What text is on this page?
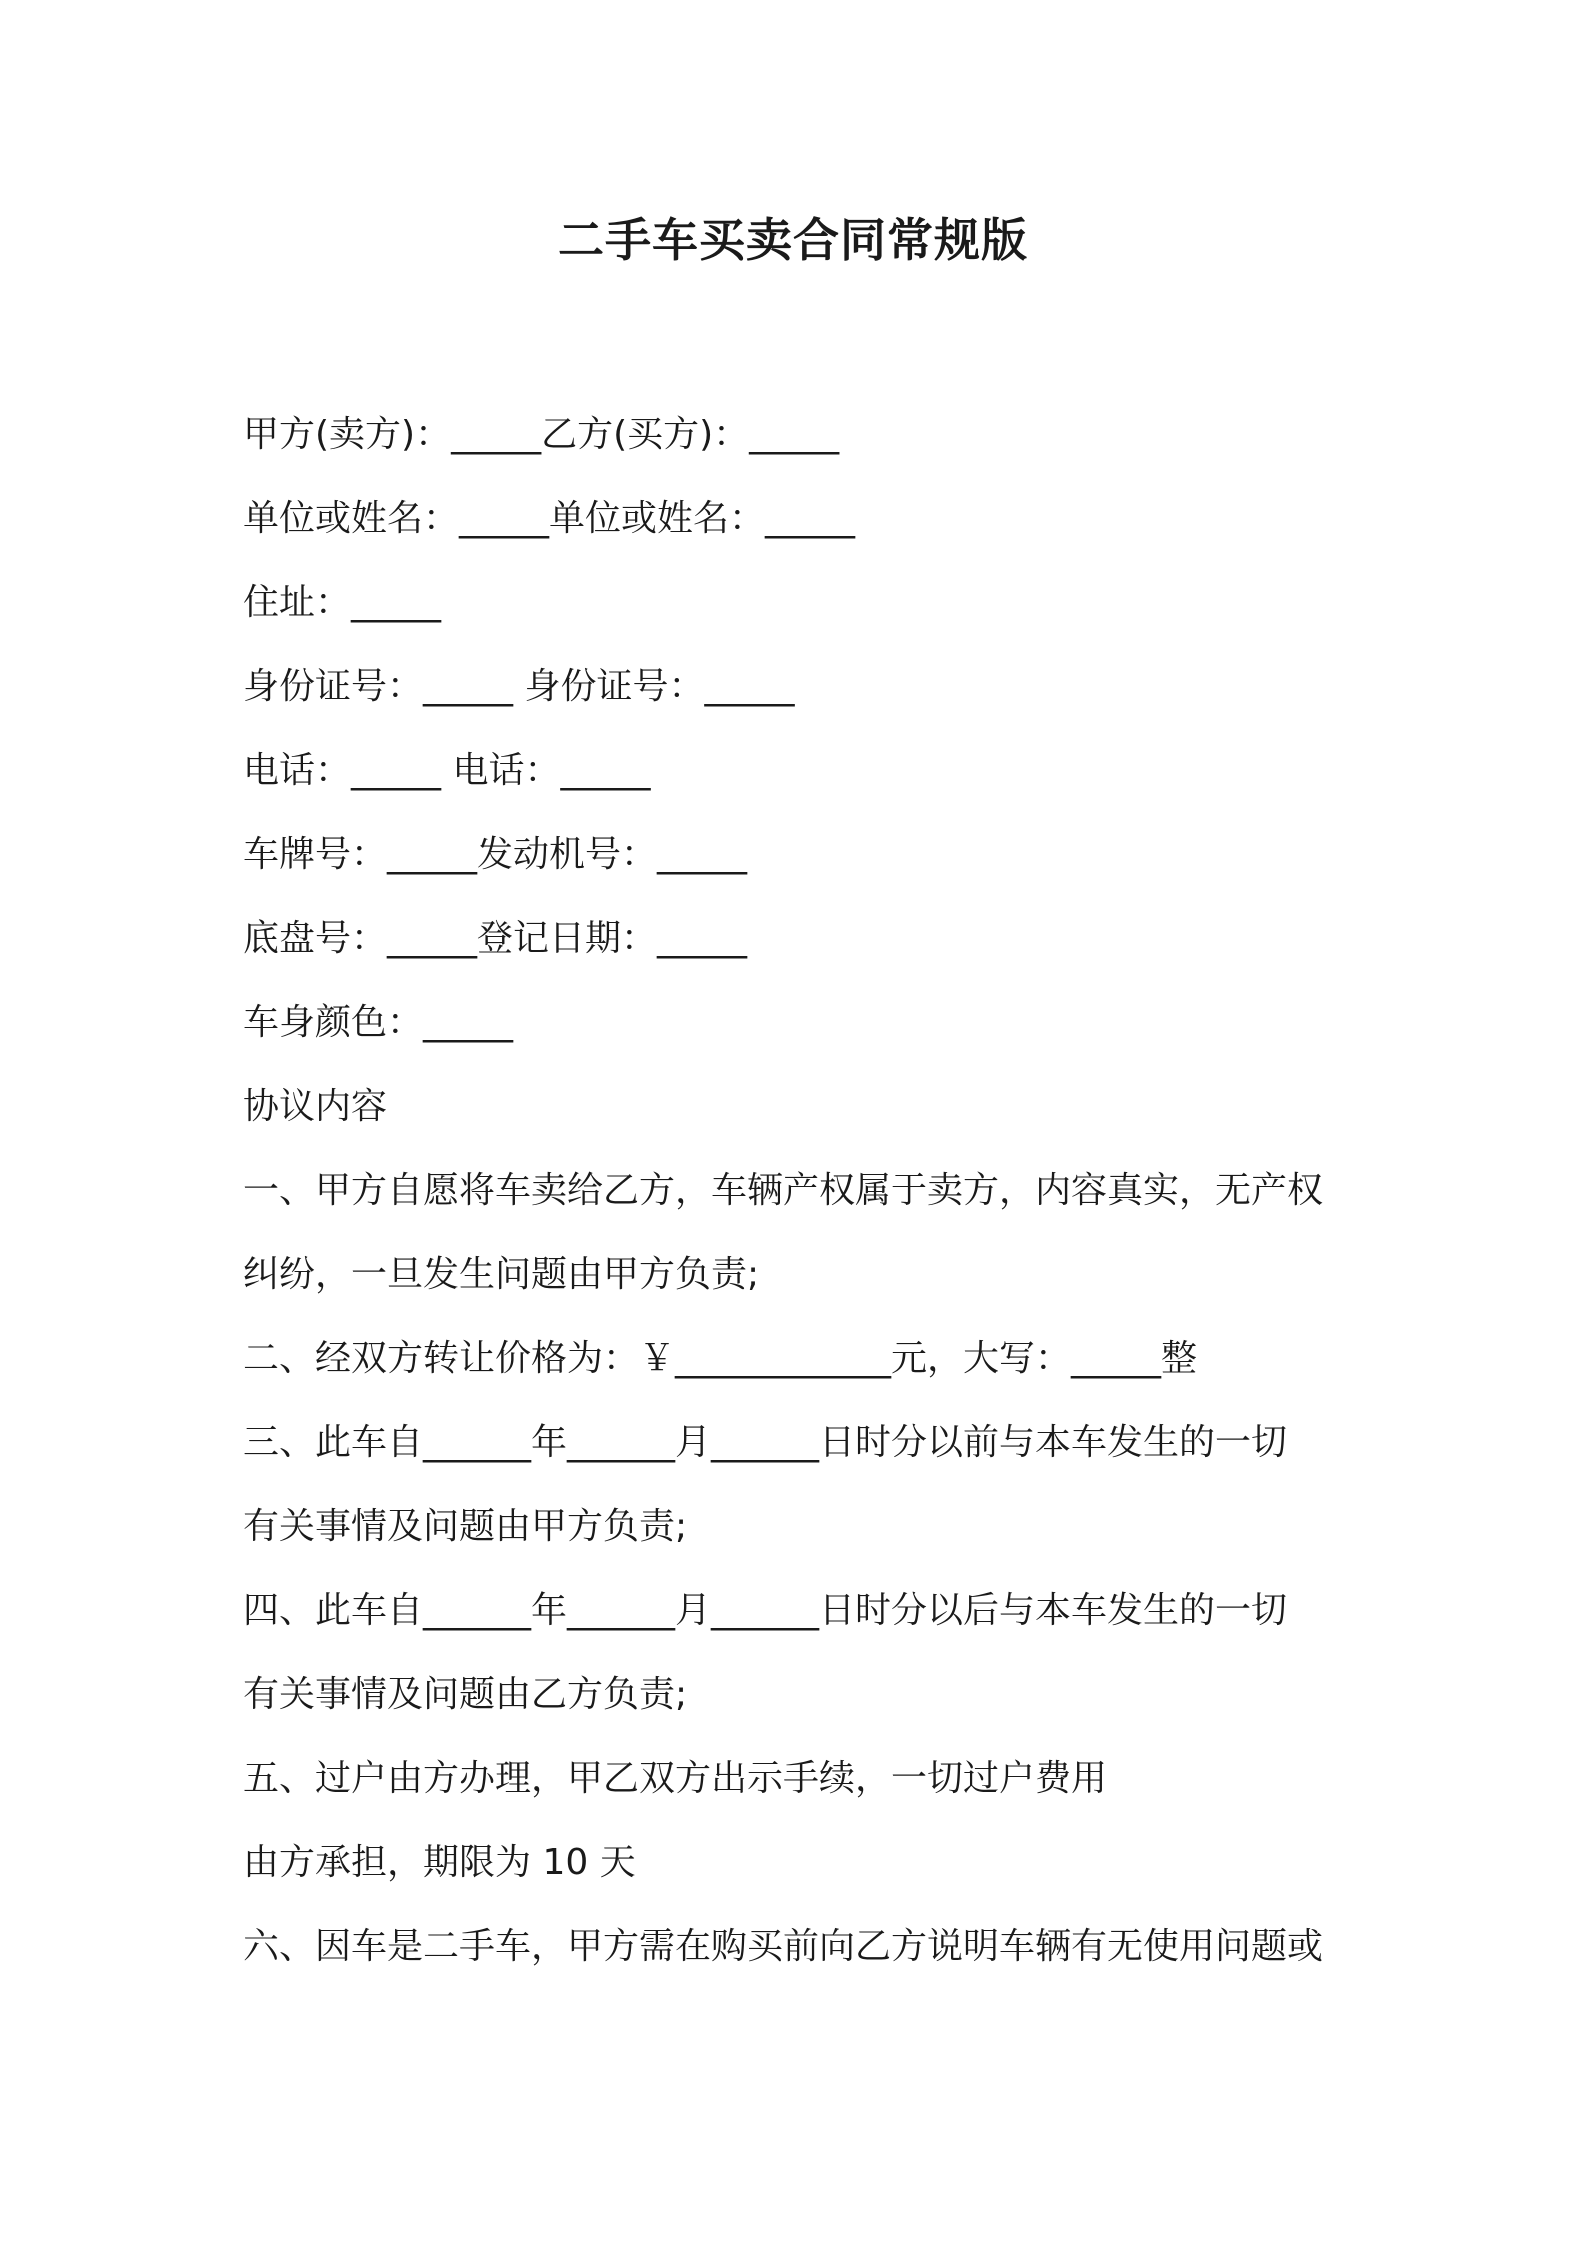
二手车买卖合同常规版
甲方(卖方)：_____乙方(买方)：_____
单位或姓名：_____单位或姓名：_____
住址：_____
身份证号：_____ 身份证号：_____
电话：_____ 电话：_____
车牌号：_____发动机号：_____
底盘号：_____登记日期：_____
车身颜色：_____
协议内容
一、甲方自愿将车卖给乙方，车辆产权属于卖方，内容真实，无产权
纠纷，一旦发生问题由甲方负责;
二、经双方转让价格为：￥____________元，大写：_____整
三、此车自______年______月______日时分以前与本车发生的一切
有关事情及问题由甲方负责;
四、此车自______年______月______日时分以后与本车发生的一切
有关事情及问题由乙方负责;
五、过户由方办理，甲乙双方出示手续，一切过户费用
由方承担，期限为 10 天
六、因车是二手车，甲方需在购买前向乙方说明车辆有无使用问题或
